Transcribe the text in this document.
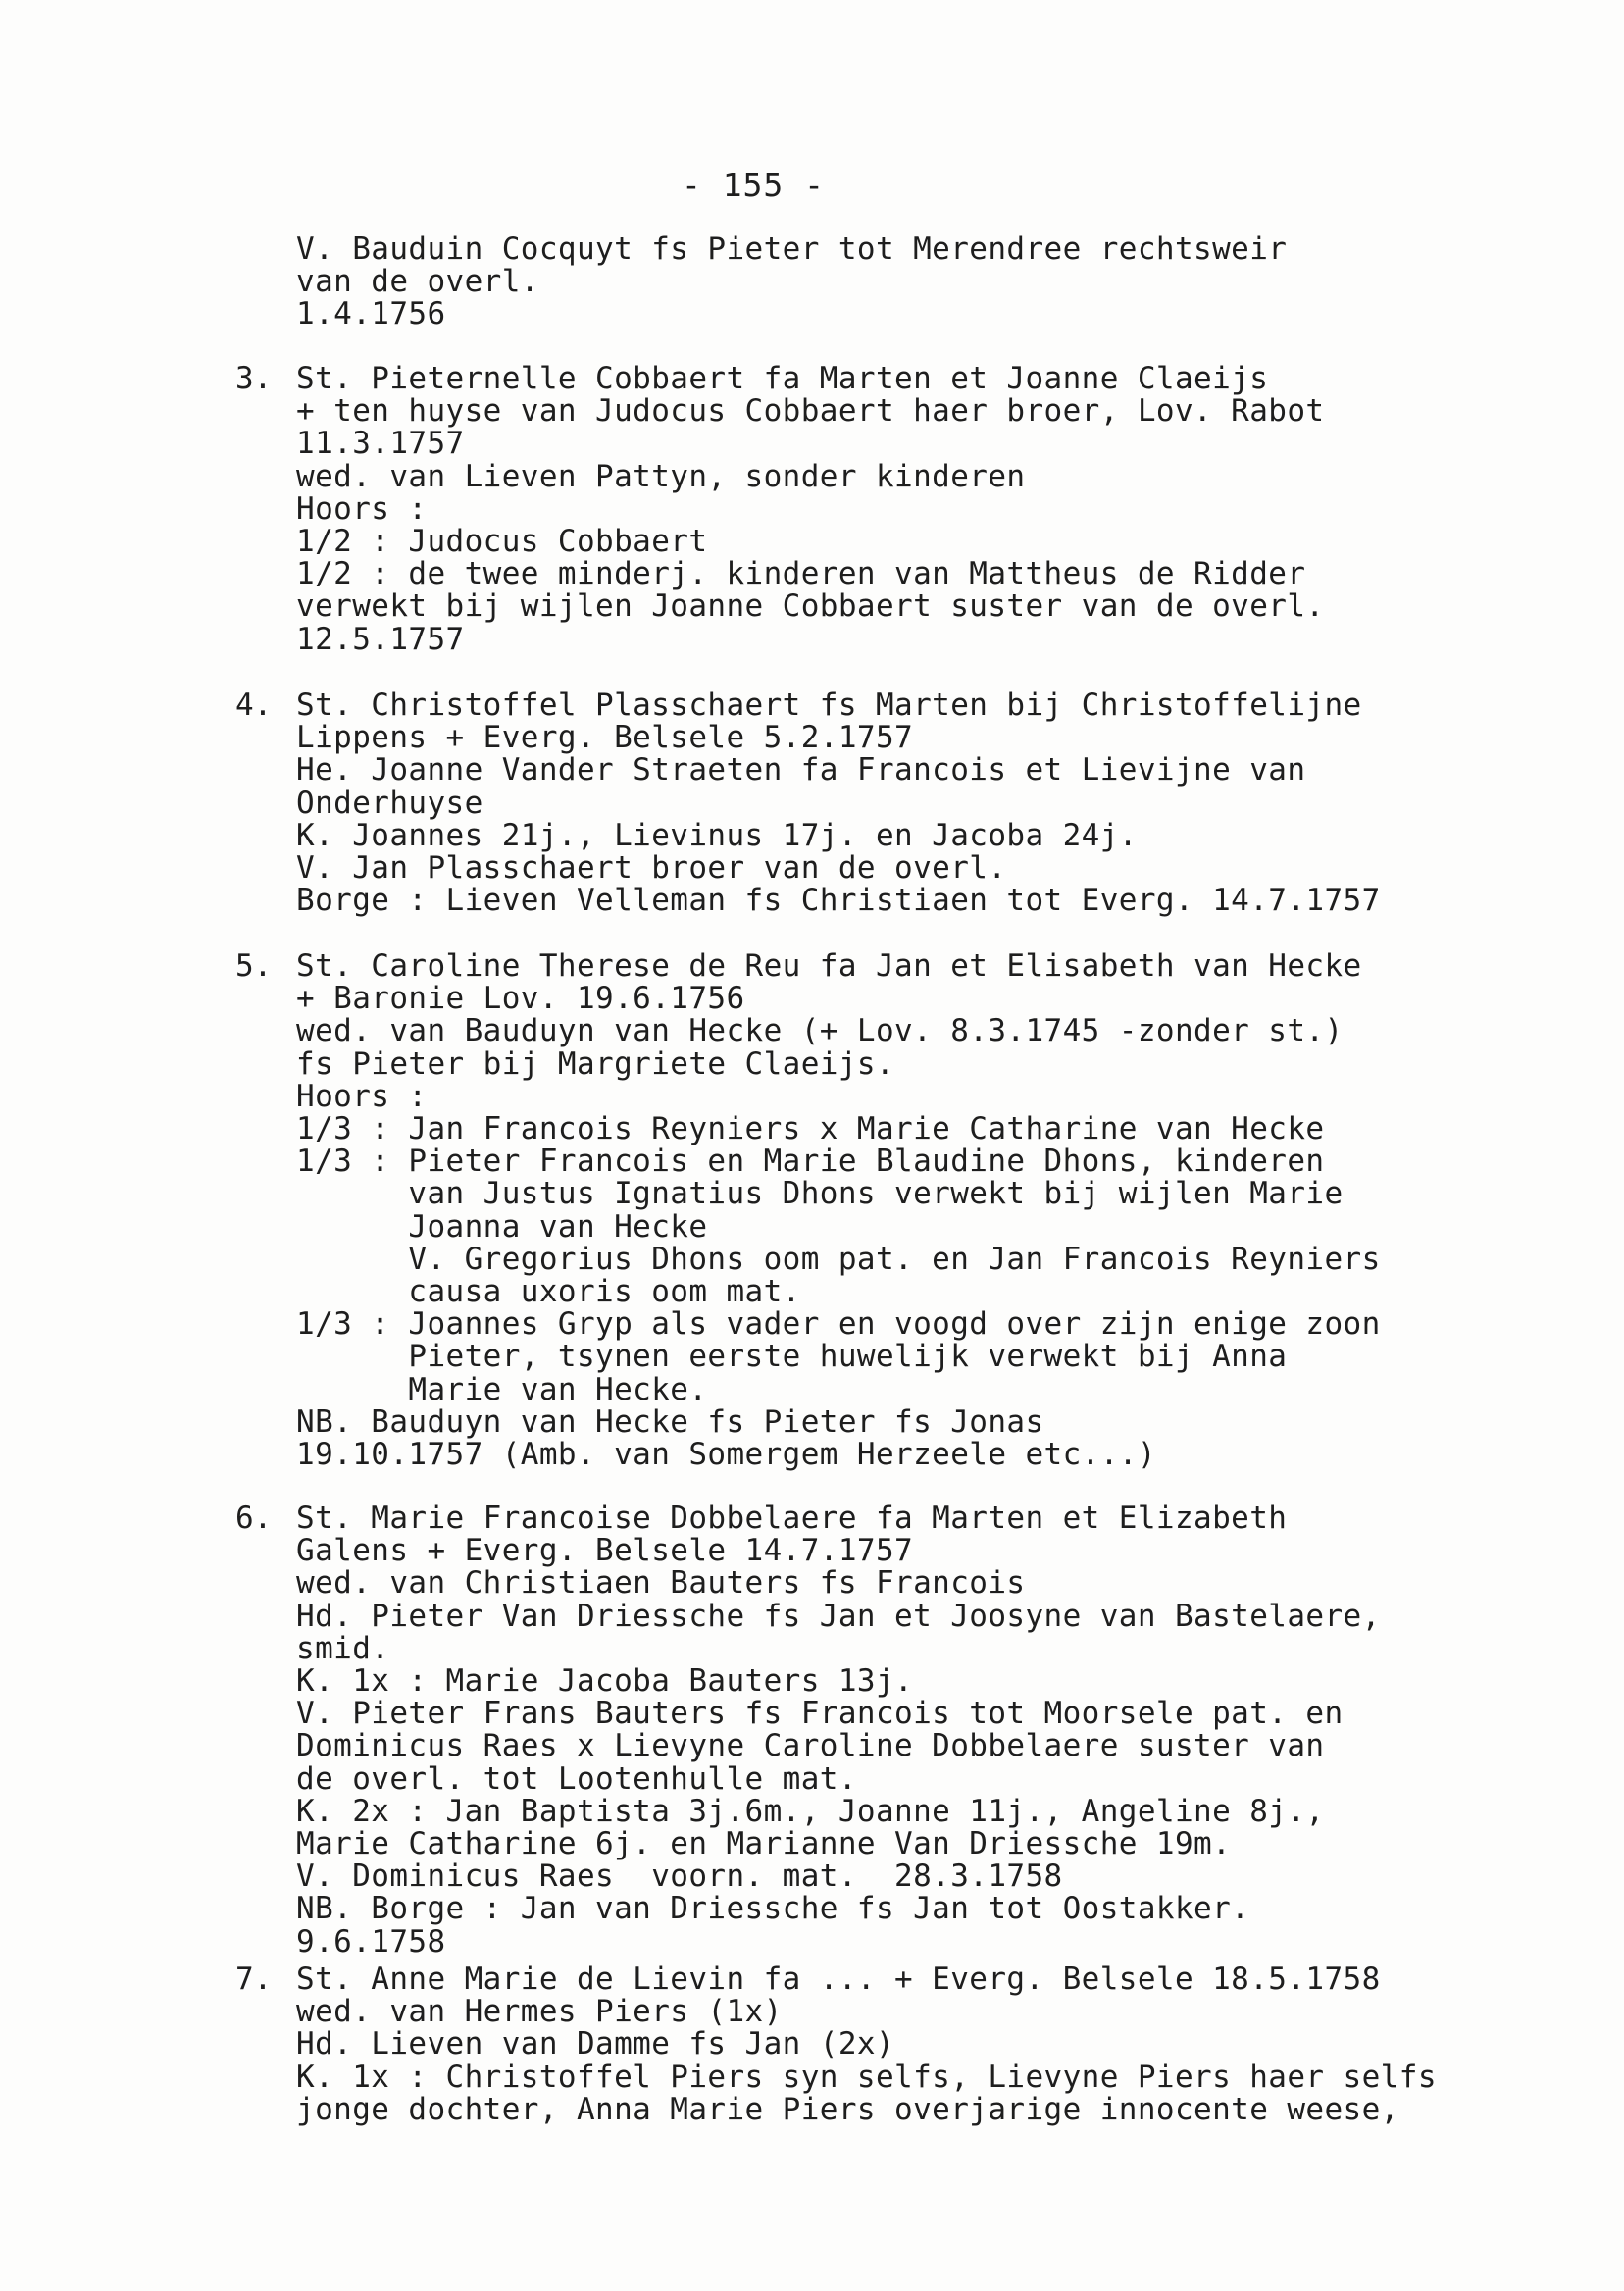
- 155 -
V. Bauduin Cocquyt fs Pieter tot Merendree rechtsweir
van de overl.
1.4.1756
3. St. Pieternelle Cobbaert fa Marten et Joanne Claeijs
+ ten huyse van Judocus Cobbaert haer broer, Lov. Rabot
11.3.1757
wed. van Lieven Pattyn, sonder kinderen
Hoors :
1/2 : Judocus Cobbaert
1/2 : de twee minderj. kinderen van Mattheus de Ridder
verwekt bij wijlen Joanne Cobbaert suster van de overl.
12.5.1757
4. St. Christoffel Plasschaert fs Marten bij Christoffelijne
Lippens + Everg. Belsele 5.2.1757
He. Joanne Vander Straeten fa Francois et Lievijne van
Onderhuyse
K. Joannes 21j., Lievinus 17j. en Jacoba 24j.
V. Jan Plasschaert broer van de overl.
Borge : Lieven Velleman fs Christiaen tot Everg. 14.7.1757
5. St. Caroline Therese de Reu fa Jan et Elisabeth van Hecke
+ Baronie Lov. 19.6.1756
wed. van Bauduyn van Hecke (+ Lov. 8.3.1745 -zonder st.)
fs Pieter bij Margriete Claeijs.
Hoors :
1/3 : Jan Francois Reyniers x Marie Catharine van Hecke
1/3 : Pieter Francois en Marie Blaudine Dhons, kinderen
van Justus Ignatius Dhons verwekt bij wijlen Marie
Joanna van Hecke
V. Gregorius Dhons oom pat. en Jan Francois Reyniers
causa uxoris oom mat.
1/3 : Joannes Gryp als vader en voogd over zijn enige zoon
Pieter, tsynen eerste huwelijk verwekt bij Anna
Marie van Hecke.
NB. Bauduyn van Hecke fs Pieter fs Jonas
19.10.1757 (Amb. van Somergem Herzeele etc...)
6. St. Marie Francoise Dobbelaere fa Marten et Elizabeth
Galens + Everg. Belsele 14.7.1757
wed. van Christiaen Bauters fs Francois
Hd. Pieter Van Driessche fs Jan et Joosyne van Bastelaere,
smid.
K. 1x : Marie Jacoba Bauters 13j.
V. Pieter Frans Bauters fs Francois tot Moorsele pat. en
Dominicus Raes x Lievyne Caroline Dobbelaere suster van
de overl. tot Lootenhulle mat.
K. 2x : Jan Baptista 3j.6m., Joanne 11j., Angeline 8j.,
Marie Catharine 6j. en Marianne Van Driessche 19m.
V. Dominicus Raes  voorn. mat.  28.3.1758
NB. Borge : Jan van Driessche fs Jan tot Oostakker.
9.6.1758
7. St. Anne Marie de Lievin fa ... + Everg. Belsele 18.5.1758
wed. van Hermes Piers (1x)
Hd. Lieven van Damme fs Jan (2x)
K. 1x : Christoffel Piers syn selfs, Lievyne Piers haer selfs
jonge dochter, Anna Marie Piers overjarige innocente weese,
